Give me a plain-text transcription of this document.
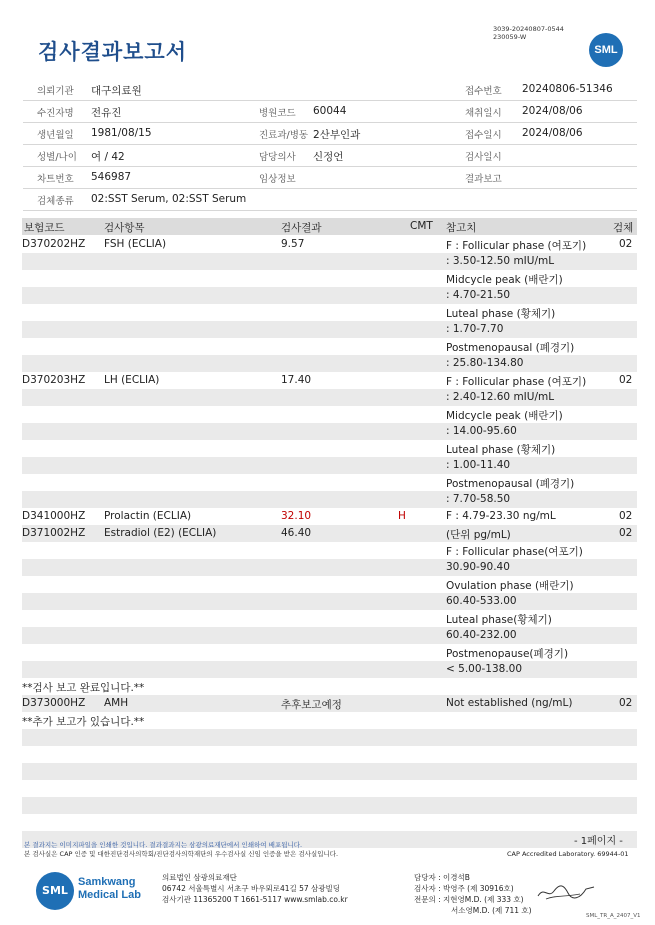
검사결과보고서
3039-20240807-0544
230059-W
SML
의뢰기관 대구의료원	접수번호 20240806-51346
수진자명 전유진	병원코드 60044	채취일시 2024/08/06
생년월일 1981/08/15	진료과/병동 2산부인과	접수일시 2024/08/06
성별/나이 여 / 42	담당의사 신정언	검사일시
차트번호 546987	임상정보	결과보고
검체종류 02:SST Serum, 02:SST Serum
보험코드	검사항목	검사결과	CMT 참고치	검체
D370202HZ FSH (ECLIA)	9.57	F : Follicular phase (여포기)	02
: 3.50-12.50 mIU/mL
Midcycle peak (배란기)
: 4.70-21.50
Luteal phase (황체기)
: 1.70-7.70
Postmenopausal (폐경기)
: 25.80-134.80
D370203HZ LH (ECLIA)	17.40	F : Follicular phase (여포기)	02
: 2.40-12.60 mIU/mL
Midcycle peak (배란기)
: 14.00-95.60
Luteal phase (황체기)
: 1.00-11.40
Postmenopausal (폐경기)
: 7.70-58.50
D341000HZ Prolactin (ECLIA)	32.10	H	F : 4.79-23.30 ng/mL	02
D371002HZ Estradiol (E2) (ECLIA)	46.40	(단위 pg/mL)	02
F : Follicular phase(여포기)
30.90-90.40
Ovulation phase (배란기)
60.40-533.00
Luteal phase(황체기)
60.40-232.00
Postmenopause(폐경기)
< 5.00-138.00
**검사 보고 완료입니다.**
D373000HZ AMH	추후보고예정	Not established (ng/mL)	02
**추가 보고가 있습니다.**
- 1페이지 -
본 결과지는 이미지파일을 인쇄한 것입니다. 결과결과지는 삼광의료재단에서 인쇄하여 배포됩니다.
본 검사실은 CAP 인증 및 대한진단검사의학회/진단검사의학재단의 우수검사실 신임 인증을 받은 검사실입니다.	CAP Accredited Laboratory. 69944-01
SML
Samkwang
Medical Lab
의료법인 삼광의료재단
06742 서울특별시 서초구 바우뫼로41길 57 삼광빌딩
검사기관 11365200 T 1661-5117 www.smlab.co.kr
담당자 : 이경석B
검사자 : 박영주 (제 30916호)
전문의 : 지현영M.D. (제 333 호)
서소영M.D. (제 711 호)
SML_TR_A_2407_V1
